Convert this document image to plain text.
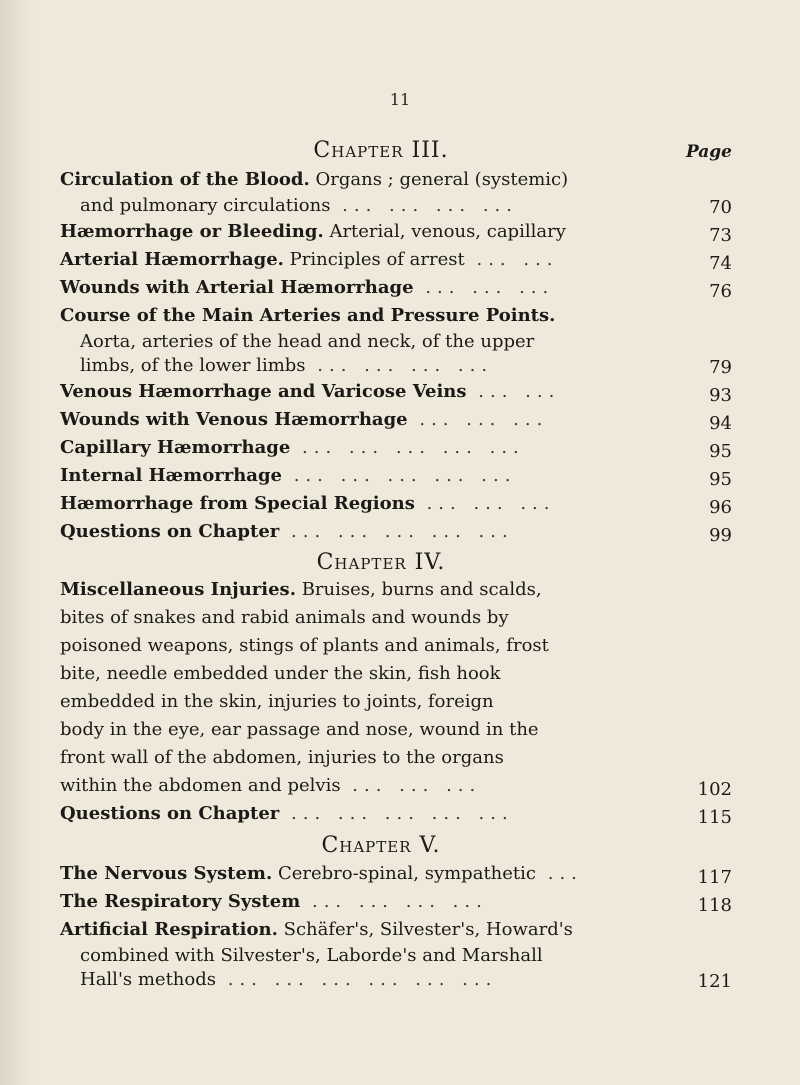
11
Page
Chapter III.
Circulation of the Blood. Organs ; general (systemic)
and pulmonary circulations ... ... ... ...	70
Hæmorrhage or Bleeding. Arterial, venous, capillary	73
Arterial Hæmorrhage. Principles of arrest ... ...	74
Wounds with Arterial Hæmorrhage ... ... ...	76
Course of the Main Arteries and Pressure Points.
Aorta, arteries of the head and neck, of the upper
limbs, of the lower limbs ... ... ... ...	79
Venous Hæmorrhage and Varicose Veins ... ...	93
Wounds with Venous Hæmorrhage ... ... ...	94
Capillary Hæmorrhage ... ... ... ... ...	95
Internal Hæmorrhage ... ... ... ... ...	95
Hæmorrhage from Special Regions ... ... ...	96
Questions on Chapter ... ... ... ... ...	99
Chapter IV.
Miscellaneous Injuries. Bruises, burns and scalds,
bites of snakes and rabid animals and wounds by
poisoned weapons, stings of plants and animals, frost
bite, needle embedded under the skin, fish hook
embedded in the skin, injuries to joints, foreign
body in the eye, ear passage and nose, wound in the
front wall of the abdomen, injuries to the organs
within the abdomen and pelvis ... ... ...	102
Questions on Chapter ... ... ... ... ...	115
Chapter V.
The Nervous System. Cerebro-spinal, sympathetic ...	117
The Respiratory System ... ... ... ...	118
Artificial Respiration. Schäfer's, Silvester's, Howard's
combined with Silvester's, Laborde's and Marshall
Hall's methods ... ... ... ... ... ...	121
